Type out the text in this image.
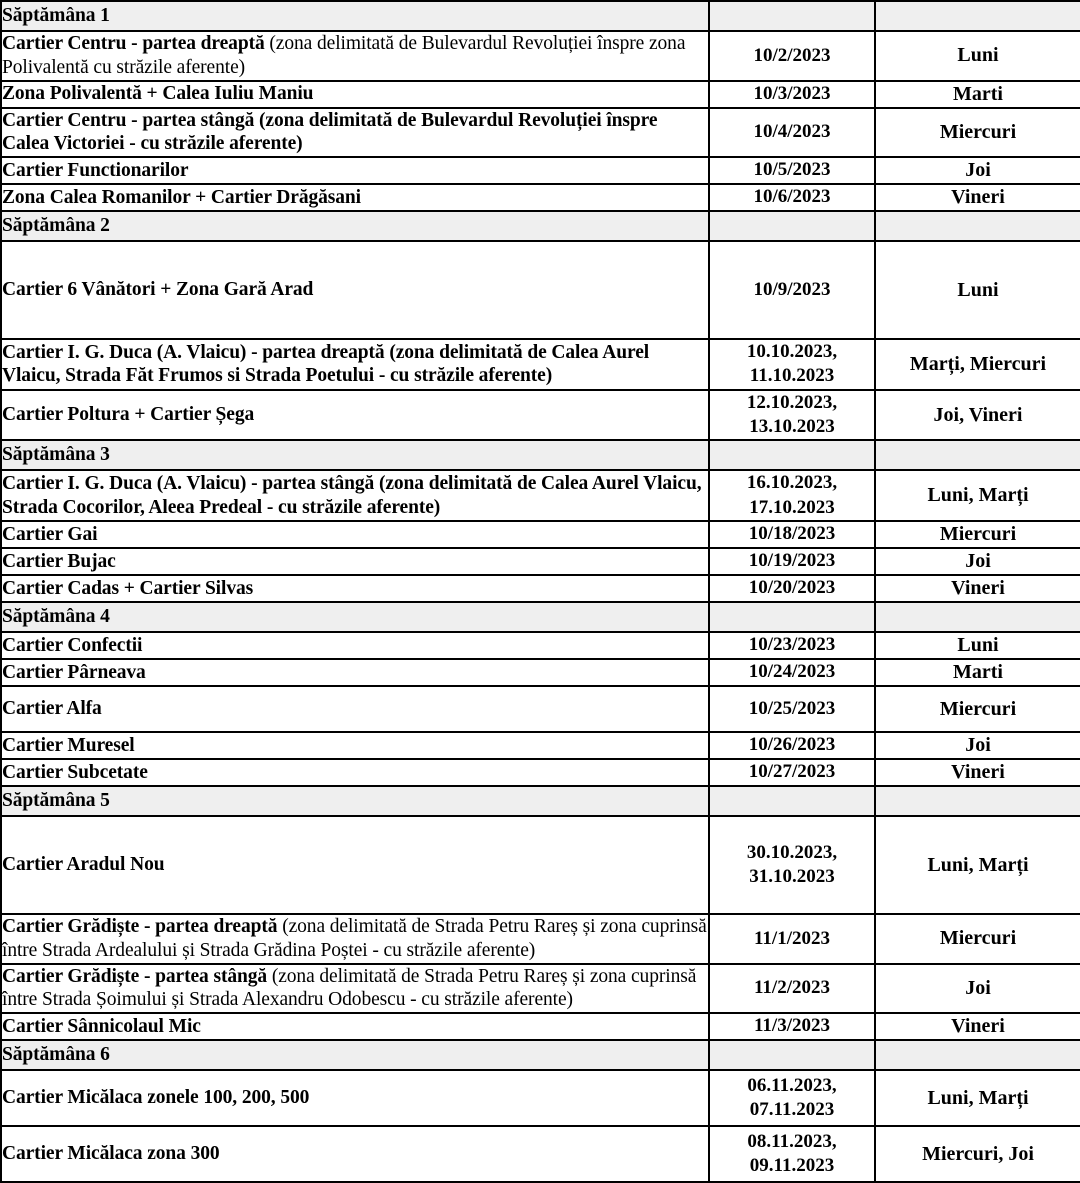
Săptămâna 1	

Cartier Centru - partea dreaptă (zona delimitată de Bulevardul Revoluției înspre zona Polivalentă cu străzile aferente)	10/2/2023	Luni
Zona Polivalentă + Calea Iuliu Maniu	10/3/2023	Marti
Cartier Centru - partea stângă (zona delimitată de Bulevardul Revoluției înspre Calea Victoriei - cu străzile aferente)	10/4/2023	Miercuri
Cartier Functionarilor	10/5/2023	Joi
Zona Calea Romanilor + Cartier Drăgăsani	10/6/2023	Vineri
Săptămâna 2	

Cartier 6 Vânători + Zona Gară Arad	10/9/2023	Luni
Cartier I. G. Duca (A. Vlaicu) - partea dreaptă (zona delimitată de Calea Aurel Vlaicu, Strada Făt Frumos si Strada Poetului - cu străzile aferente)	10.10.2023,
11.10.2023	Marți, Miercuri
Cartier Poltura + Cartier Șega	12.10.2023,
13.10.2023	Joi, Vineri
Săptămâna 3	

Cartier I. G. Duca (A. Vlaicu) - partea stângă (zona delimitată de Calea Aurel Vlaicu, Strada Cocorilor, Aleea Predeal - cu străzile aferente)	16.10.2023,
17.10.2023	Luni, Marți
Cartier Gai	10/18/2023	Miercuri
Cartier Bujac	10/19/2023	Joi
Cartier Cadas + Cartier Silvas	10/20/2023	Vineri
Săptămâna 4	

Cartier Confectii	10/23/2023	Luni
Cartier Pârneava	10/24/2023	Marti
Cartier Alfa	10/25/2023	Miercuri
Cartier Muresel	10/26/2023	Joi
Cartier Subcetate	10/27/2023	Vineri
Săptămâna 5	

Cartier Aradul Nou	30.10.2023,
31.10.2023	Luni, Marți
Cartier Grădiște - partea dreaptă (zona delimitată de Strada Petru Rareș și zona cuprinsă între Strada Ardealului și Strada Grădina Poștei - cu străzile aferente)	11/1/2023	Miercuri
Cartier Grădiște - partea stângă (zona delimitată de Strada Petru Rareș și zona cuprinsă între Strada Șoimului și Strada Alexandru Odobescu - cu străzile aferente)	11/2/2023	Joi
Cartier Sânnicolaul Mic	11/3/2023	Vineri
Săptămâna 6	

Cartier Micălaca zonele 100, 200, 500	06.11.2023,
07.11.2023	Luni, Marți
Cartier Micălaca zona 300	08.11.2023,
09.11.2023	Miercuri, Joi
